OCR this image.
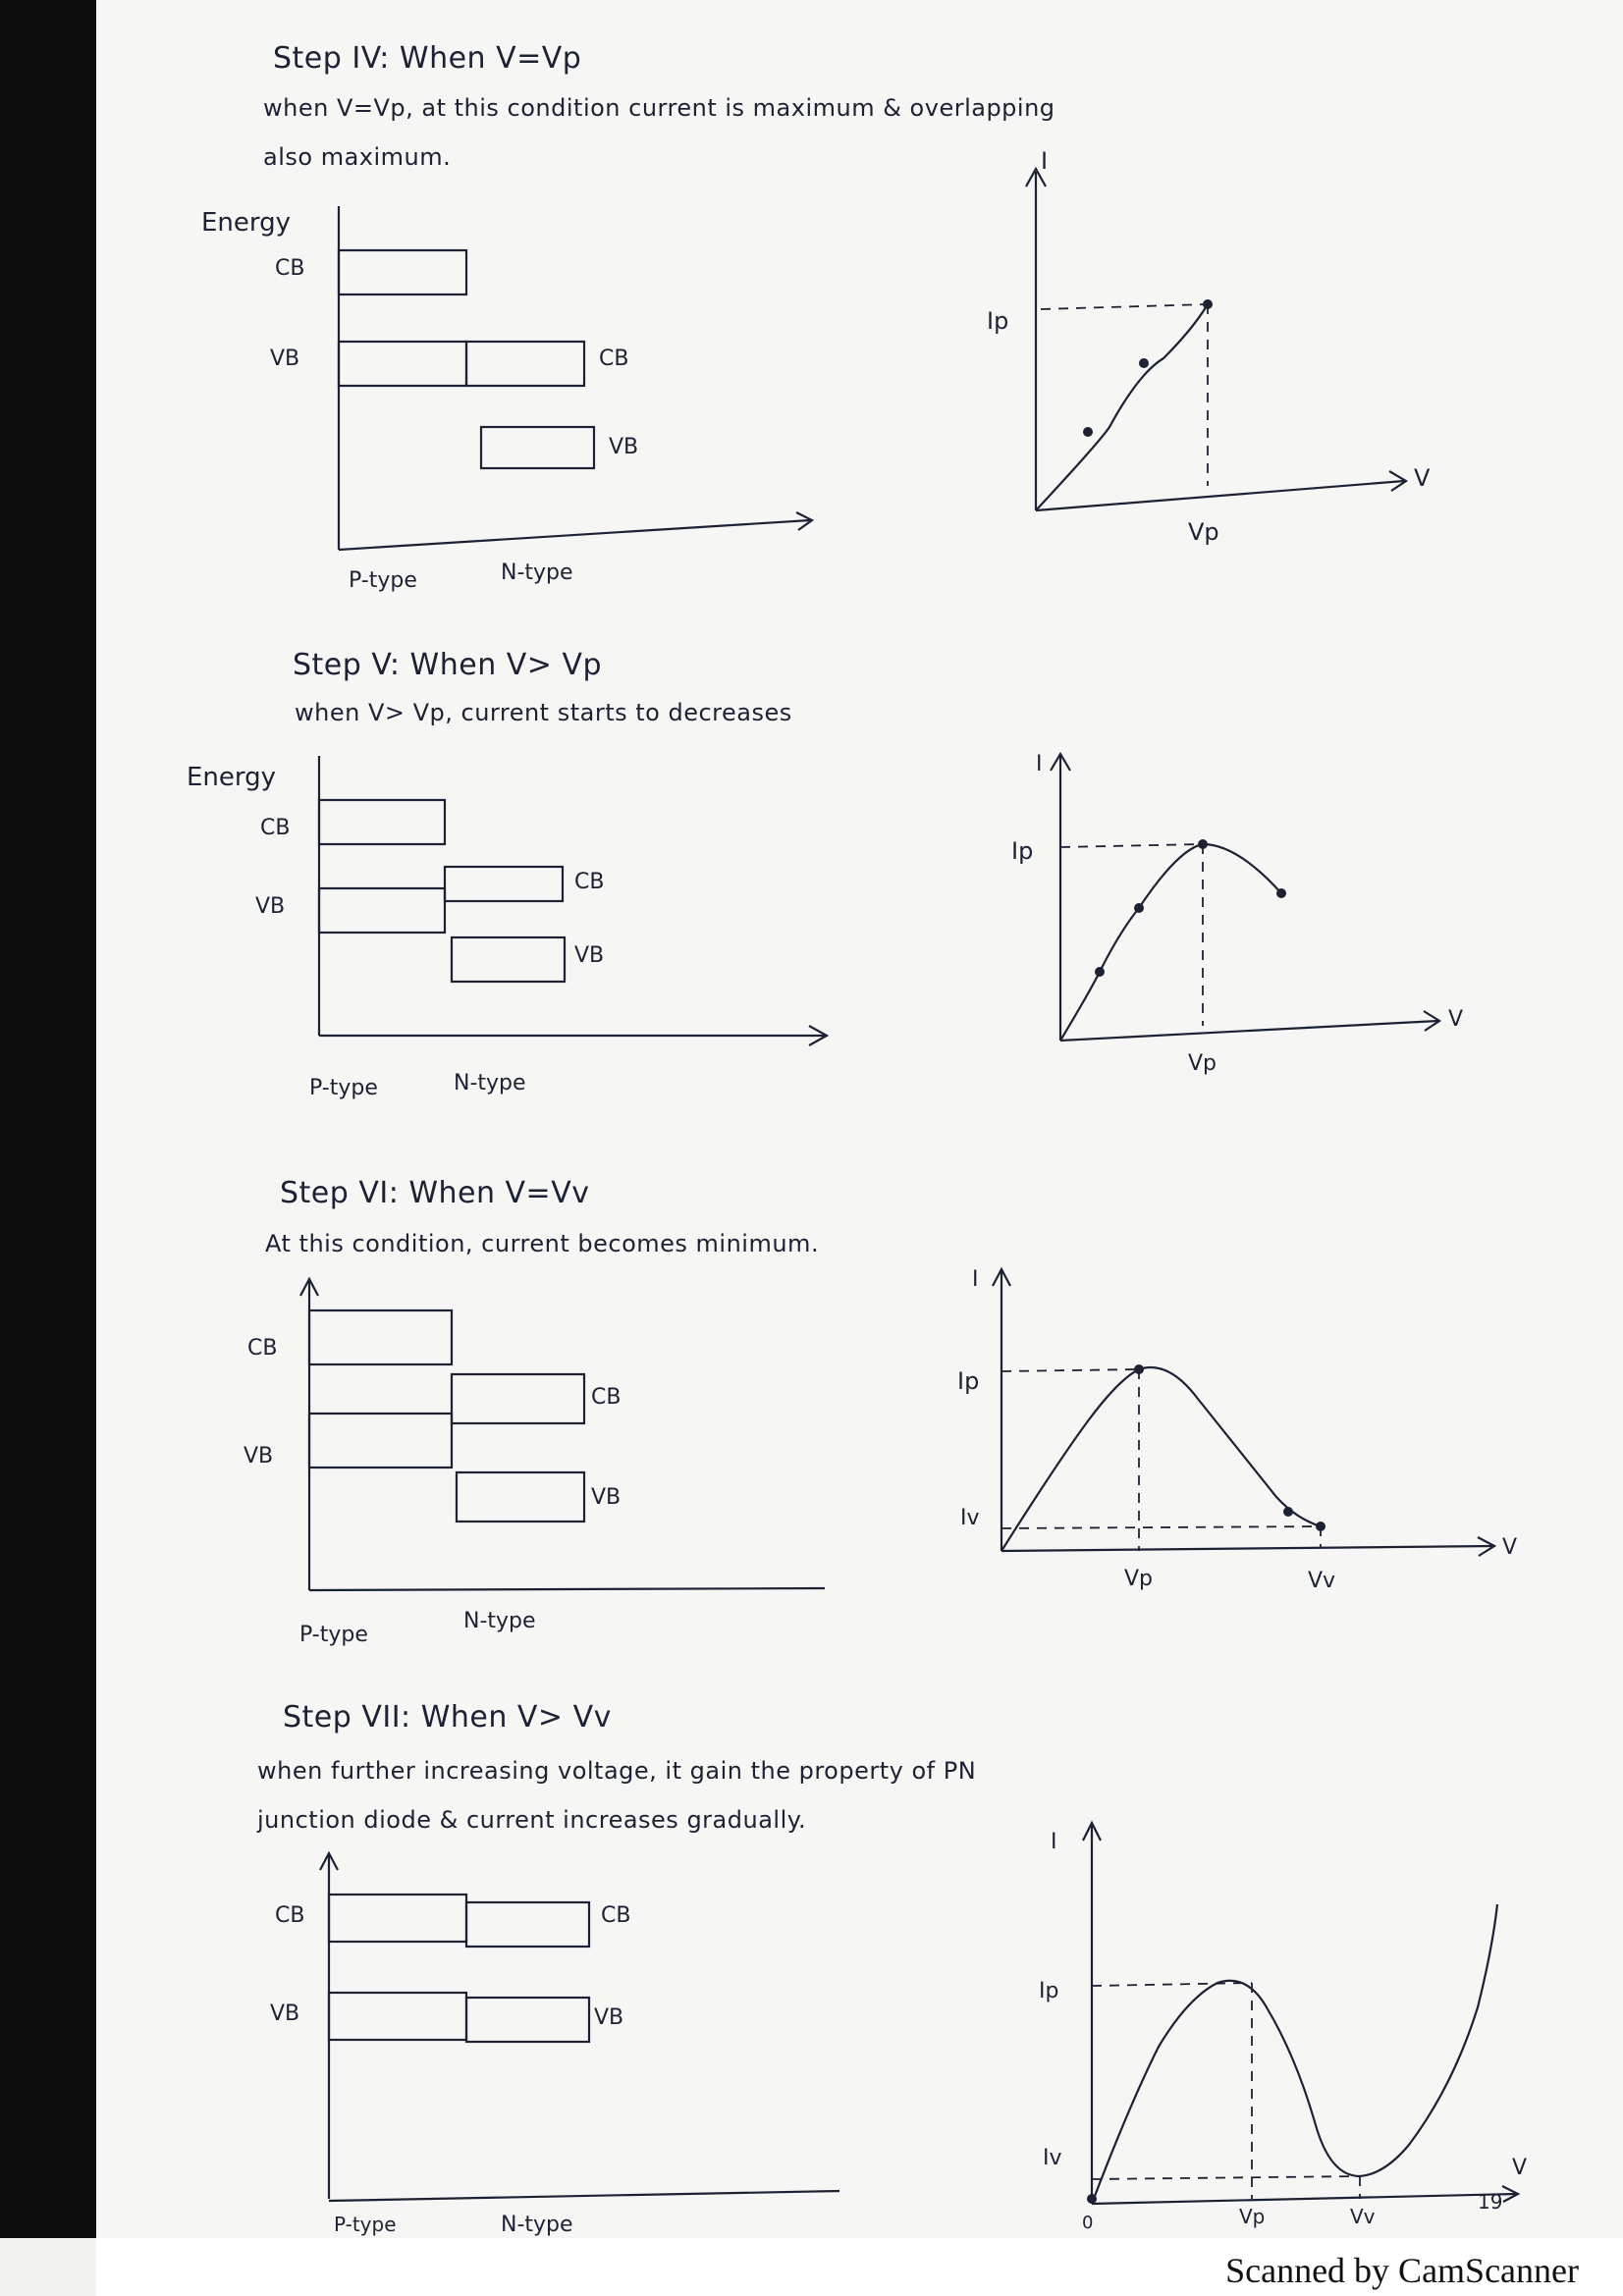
Step IV: When V=Vp
when V=Vp, at this condition current is maximum & overlapping
also maximum.
Energy
CB
VB	CB
VB
P-type	N-type
I
V
Ip
Vp
Step V: When V> Vp
when V> Vp, current starts to decreases
Energy
CB
VB
CB
VB
P-type	N-type
I
V
Ip
Vp
Step VI: When V=Vv
At this condition, current becomes minimum.
CB
VB
CB
VB
P-type
N-type
I
V
Ip
Iv
Vp	Vv
Step VII: When V> Vv
when further increasing voltage, it gain the property of PN
junction diode & current increases gradually.
CB
VB
CB
VB
P-type	N-type
I
V
Ip
Iv
0	Vp	Vv
19
Scanned by CamScanner
